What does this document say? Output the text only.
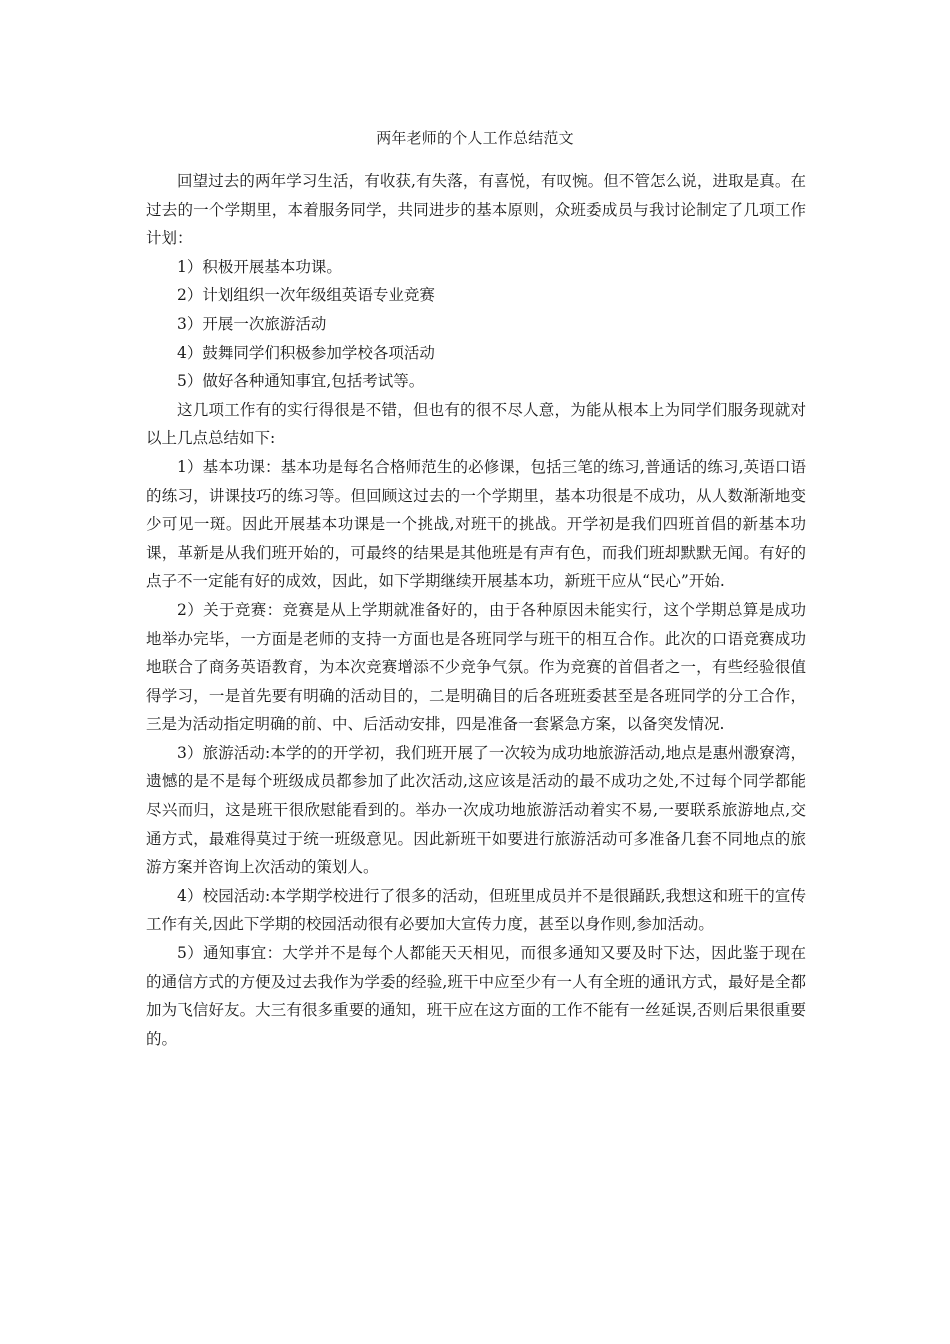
两年老师的个人工作总结范文

回望过去的两年学习生活，有收获,有失落，有喜悦，有叹惋。但不管怎么说，进取是真。在过去的一个学期里，本着服务同学，共同进步的基本原则，众班委成员与我讨论制定了几项工作计划：

1）积极开展基本功课。

2）计划组织一次年级组英语专业竞赛

3）开展一次旅游活动

4）鼓舞同学们积极参加学校各项活动

5）做好各种通知事宜,包括考试等。

这几项工作有的实行得很是不错，但也有的很不尽人意，为能从根本上为同学们服务现就对以上几点总结如下:

1）基本功课：基本功是每名合格师范生的必修课，包括三笔的练习,普通话的练习,英语口语的练习，讲课技巧的练习等。但回顾这过去的一个学期里，基本功很是不成功，从人数渐渐地变少可见一斑。因此开展基本功课是一个挑战,对班干的挑战。开学初是我们四班首倡的新基本功课，革新是从我们班开始的，可最终的结果是其他班是有声有色，而我们班却默默无闻。有好的点子不一定能有好的成效，因此，如下学期继续开展基本功，新班干应从“民心”开始.

2）关于竞赛：竞赛是从上学期就准备好的，由于各种原因未能实行，这个学期总算是成功地举办完毕，一方面是老师的支持一方面也是各班同学与班干的相互合作。此次的口语竞赛成功地联合了商务英语教育，为本次竞赛增添不少竞争气氛。作为竞赛的首倡者之一，有些经验很值得学习，一是首先要有明确的活动目的，二是明确目的后各班班委甚至是各班同学的分工合作，三是为活动指定明确的前、中、后活动安排，四是准备一套紧急方案，以备突发情况.

3）旅游活动:本学的的开学初，我们班开展了一次较为成功地旅游活动,地点是惠州溵寮湾，遗憾的是不是每个班级成员都参加了此次活动,这应该是活动的最不成功之处,不过每个同学都能尽兴而归，这是班干很欣慰能看到的。举办一次成功地旅游活动着实不易,一要联系旅游地点,交通方式，最难得莫过于统一班级意见。因此新班干如要进行旅游活动可多准备几套不同地点的旅游方案并咨询上次活动的策划人。

4）校园活动:本学期学校进行了很多的活动，但班里成员并不是很踊跃,我想这和班干的宣传工作有关,因此下学期的校园活动很有必要加大宣传力度，甚至以身作则,参加活动。

5）通知事宜：大学并不是每个人都能天天相见，而很多通知又要及时下达，因此鉴于现在的通信方式的方便及过去我作为学委的经验,班干中应至少有一人有全班的通讯方式，最好是全都加为飞信好友。大三有很多重要的通知，班干应在这方面的工作不能有一丝延误,否则后果很重要的。
